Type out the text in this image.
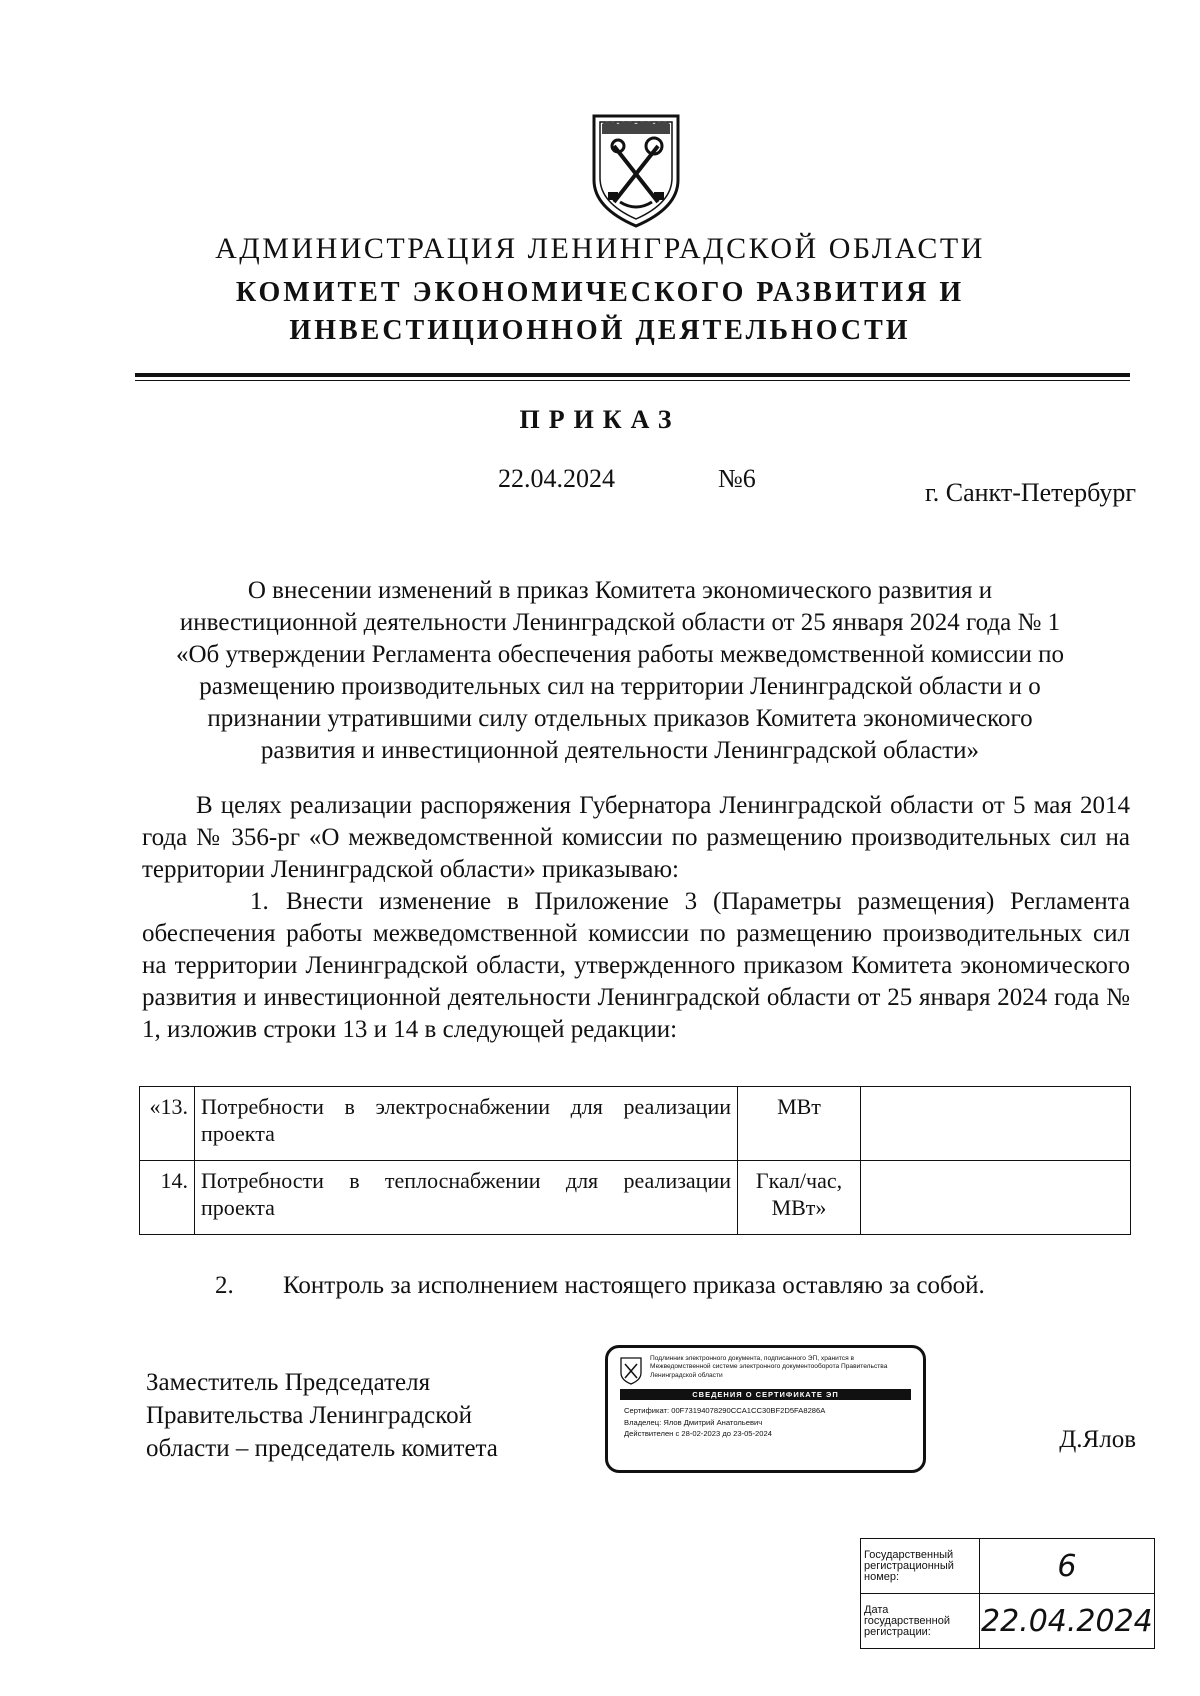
АДМИНИСТРАЦИЯ ЛЕНИНГРАДСКОЙ ОБЛАСТИ
КОМИТЕТ ЭКОНОМИЧЕСКОГО РАЗВИТИЯ И
ИНВЕСТИЦИОННОЙ ДЕЯТЕЛЬНОСТИ
ПРИКАЗ
22.04.2024	№6	г. Санкт-Петербург
О внесении изменений в приказ Комитета экономического развития и
инвестиционной деятельности Ленинградской области от 25 января 2024 года № 1
«Об утверждении Регламента обеспечения работы межведомственной комиссии по
размещению производительных сил на территории Ленинградской области и о
признании утратившими силу отдельных приказов Комитета экономического
развития и инвестиционной деятельности Ленинградской области»
В целях реализации распоряжения Губернатора Ленинградской области от 5 мая 2014 года № 356-рг «О межведомственной комиссии по размещению производительных сил на территории Ленинградской области» приказываю:
1. Внести изменение в Приложение 3 (Параметры размещения) Регламента обеспечения работы межведомственной комиссии по размещению производительных сил на территории Ленинградской области, утвержденного приказом Комитета экономического развития и инвестиционной деятельности Ленинградской области от 25 января 2024 года № 1, изложив строки 13 и 14 в следующей редакции:
«13.	Потребности в электроснабжении для реализации проекта	МВт	
14.	Потребности в теплоснабжении для реализации проекта	Гкал/час, МВт»	
2. Контроль за исполнением настоящего приказа оставляю за собой.
Заместитель Председателя
Правительства Ленинградской
области – председатель комитета
Подлинник электронного документа, подписанного ЭП, хранится в Межведомственной системе электронного документооборота Правительства Ленинградской области
СВЕДЕНИЯ О СЕРТИФИКАТЕ ЭП
Сертификат: 00F73194078290CCA1CC30BF2D5FA8286A
Владелец: Ялов Дмитрий Анатольевич
Действителен с 28-02-2023 до 23-05-2024	Д.Ялов
Государственный регистрационный номер:	6
Дата государственной регистрации:	22.04.2024
